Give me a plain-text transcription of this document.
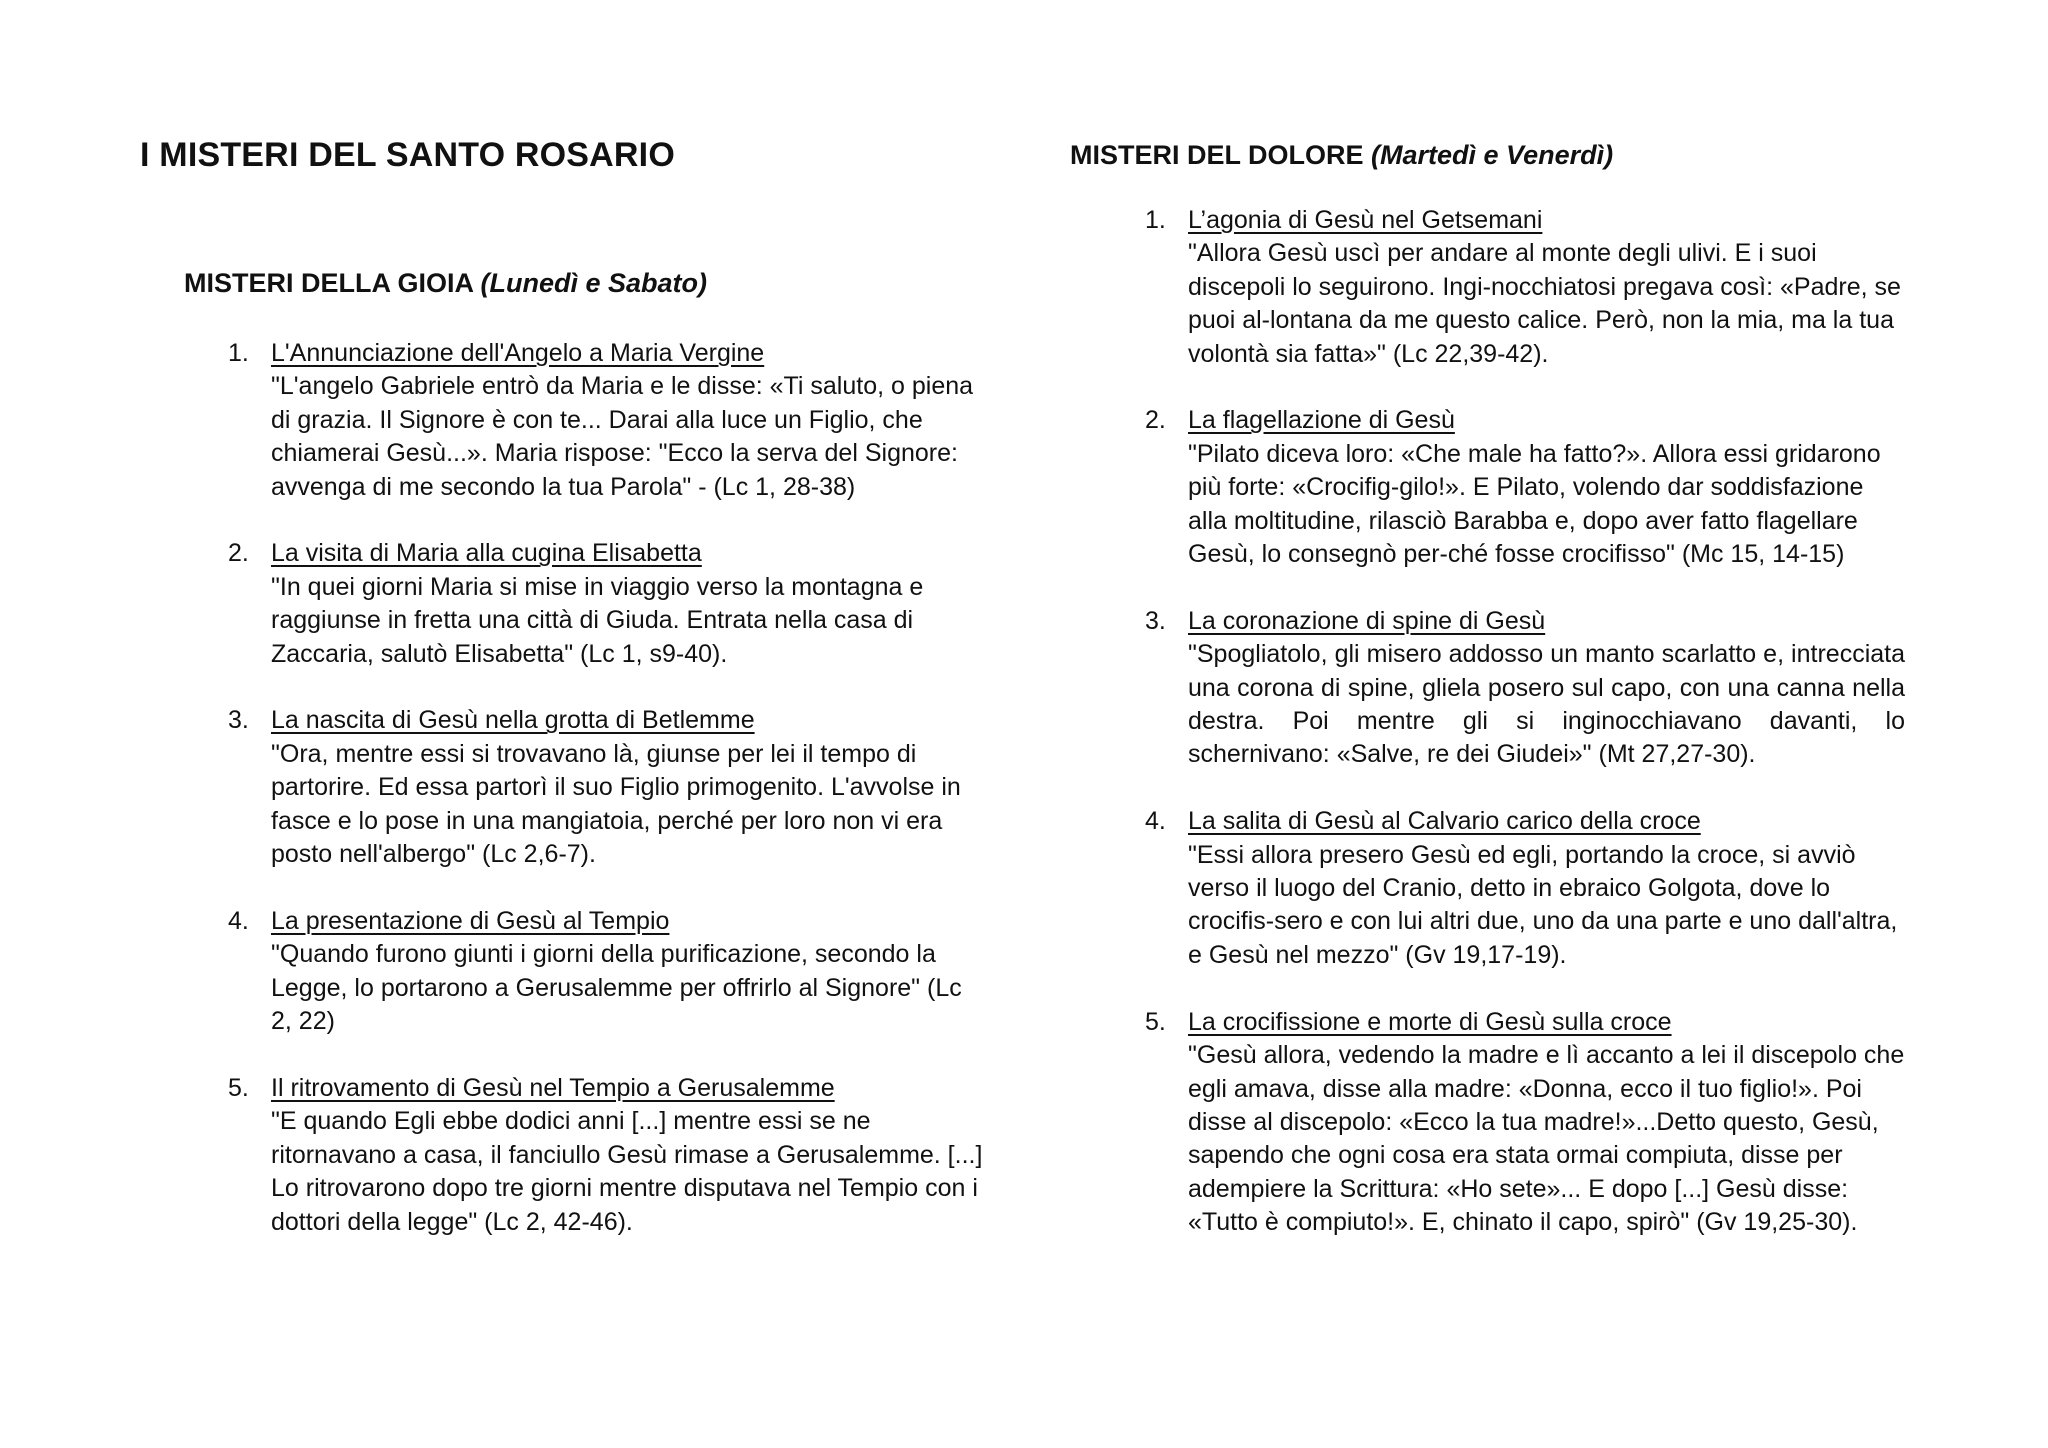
I MISTERI DEL SANTO ROSARIO
MISTERI DELLA GIOIA (Lunedì e Sabato)
1. L'Annunciazione dell'Angelo a Maria Vergine
"L'angelo Gabriele entrò da Maria e le disse: «Ti saluto, o piena di grazia. Il Signore è con te... Darai alla luce un Figlio, che chiamerai Gesù...». Maria rispose: "Ecco la serva del Signore: avvenga di me secondo la tua Parola" - (Lc 1, 28-38)
2. La visita di Maria alla cugina Elisabetta
"In quei giorni Maria si mise in viaggio verso la montagna e raggiunse in fretta una città di Giuda. Entrata nella casa di Zaccaria, salutò Elisabetta" (Lc 1, s9-40).
3. La nascita di Gesù nella grotta di Betlemme
"Ora, mentre essi si trovavano là, giunse per lei il tempo di partorire. Ed essa partorì il suo Figlio primogenito. L'avvolse in fasce e lo pose in una mangiatoia, perché per loro non vi era posto nell'albergo" (Lc 2,6-7).
4. La presentazione di Gesù al Tempio
"Quando furono giunti i giorni della purificazione, secondo la Legge, lo portarono a Gerusalemme per offrirlo al Signore" (Lc 2, 22)
5. Il ritrovamento di Gesù nel Tempio a Gerusalemme
"E quando Egli ebbe dodici anni [...] mentre essi se ne ritornavano a casa, il fanciullo Gesù rimase a Gerusalemme. [...] Lo ritrovarono dopo tre giorni mentre disputava nel Tempio con i dottori della legge" (Lc 2, 42-46).
MISTERI DEL DOLORE (Martedì e Venerdì)
1. L’agonia di Gesù nel Getsemani
"Allora Gesù uscì per andare al monte degli ulivi. E i suoi discepoli lo seguirono. Ingi-nocchiatosi pregava così: «Padre, se puoi al-lontana da me questo calice. Però, non la mia, ma la tua volontà sia fatta»" (Lc 22,39-42).
2. La flagellazione di Gesù
"Pilato diceva loro: «Che male ha fatto?». Allora essi gridarono più forte: «Crocifig-gilo!». E Pilato, volendo dar soddisfazione alla moltitudine, rilasciò Barabba e, dopo aver fatto flagellare Gesù, lo consegnò per-ché fosse crocifisso" (Mc 15, 14-15)
3. La coronazione di spine di Gesù
"Spogliatolo, gli misero addosso un manto scarlatto e, intrecciata una corona di spine, gliela posero sul capo, con una canna nella destra. Poi mentre gli si inginocchiavano davanti, lo schernivano: «Salve, re dei Giudei»" (Mt 27,27-30).
4. La salita di Gesù al Calvario carico della croce
"Essi allora presero Gesù ed egli, portando la croce, si avviò verso il luogo del Cranio, detto in ebraico Golgota, dove lo crocifis-sero e con lui altri due, uno da una parte e uno dall'altra, e Gesù nel mezzo" (Gv 19,17-19).
5. La crocifissione e morte di Gesù sulla croce
"Gesù allora, vedendo la madre e lì accanto a lei il discepolo che egli amava, disse alla madre: «Donna, ecco il tuo figlio!». Poi disse al discepolo: «Ecco la tua madre!»...Detto questo, Gesù, sapendo che ogni cosa era stata ormai compiuta, disse per adempiere la Scrittura: «Ho sete»... E dopo [...] Gesù disse: «Tutto è compiuto!». E, chinato il capo, spirò" (Gv 19,25-30).
